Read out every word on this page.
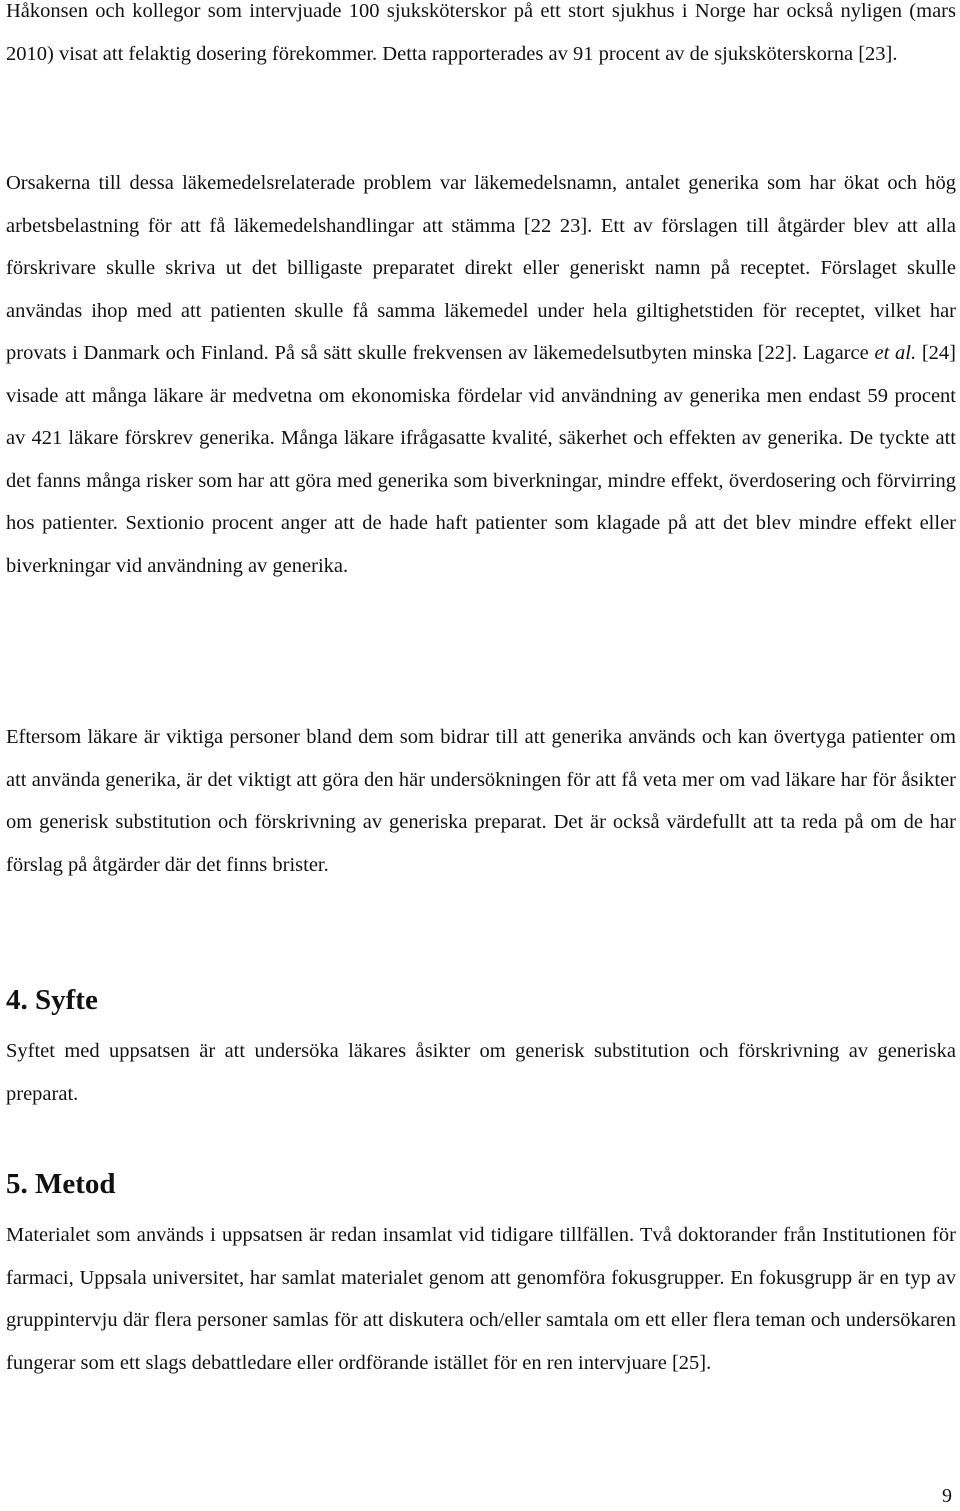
Håkonsen och kollegor som intervjuade 100 sjuksköterskor på ett stort sjukhus i Norge har också nyligen (mars 2010) visat att felaktig dosering förekommer. Detta rapporterades av 91 procent av de sjuksköterskorna [23].

Orsakerna till dessa läkemedelsrelaterade problem var läkemedelsnamn, antalet generika som har ökat och hög arbetsbelastning för att få läkemedelshandlingar att stämma [22 23]. Ett av förslagen till åtgärder blev att alla förskrivare skulle skriva ut det billigaste preparatet direkt eller generiskt namn på receptet. Förslaget skulle användas ihop med att patienten skulle få samma läkemedel under hela giltighetstiden för receptet, vilket har provats i Danmark och Finland. På så sätt skulle frekvensen av läkemedelsutbyten minska [22]. Lagarce et al. [24] visade att många läkare är medvetna om ekonomiska fördelar vid användning av generika men endast 59 procent av 421 läkare förskrev generika. Många läkare ifrågasatte kvalité, säkerhet och effekten av generika. De tyckte att det fanns många risker som har att göra med generika som biverkningar, mindre effekt, överdosering och förvirring hos patienter. Sextionio procent anger att de hade haft patienter som klagade på att det blev mindre effekt eller biverkningar vid användning av generika.

Eftersom läkare är viktiga personer bland dem som bidrar till att generika används och kan övertyga patienter om att använda generika, är det viktigt att göra den här undersökningen för att få veta mer om vad läkare har för åsikter om generisk substitution och förskrivning av generiska preparat. Det är också värdefullt att ta reda på om de har förslag på åtgärder där det finns brister.

4. Syfte

Syftet med uppsatsen är att undersöka läkares åsikter om generisk substitution och förskrivning av generiska preparat.

5. Metod

Materialet som används i uppsatsen är redan insamlat vid tidigare tillfällen. Två doktorander från Institutionen för farmaci, Uppsala universitet, har samlat materialet genom att genomföra fokusgrupper. En fokusgrupp är en typ av gruppintervju där flera personer samlas för att diskutera och/eller samtala om ett eller flera teman och undersökaren fungerar som ett slags debattledare eller ordförande istället för en ren intervjuare [25].

9
